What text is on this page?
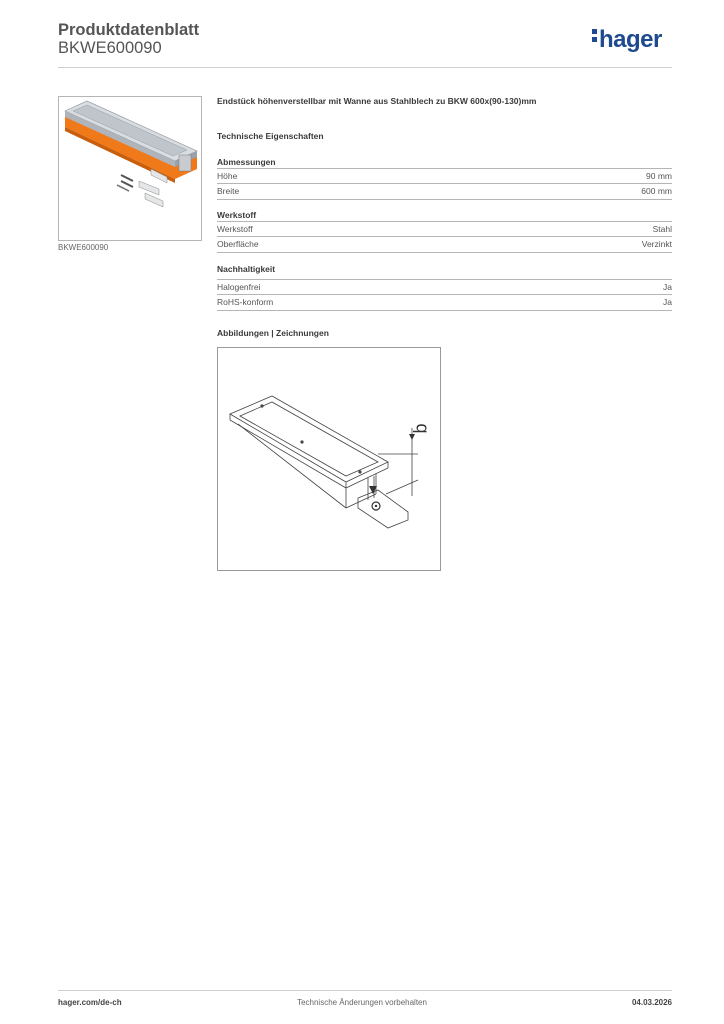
Produktdatenblatt
BKWE600090	hager
BKWE600090
Endstück höhenverstellbar mit Wanne aus Stahlblech zu BKW 600x(90-130)mm
Technische Eigenschaften
Abmessungen
Höhe	90 mm
Breite	600 mm
Werkstoff
Werkstoff	Stahl
Oberfläche	Verzinkt
Nachhaltigkeit
Halogenfrei	Ja
RoHS-konform	Ja
Abbildungen | Zeichnungen
b
hager.com/de-ch	Technische Änderungen vorbehalten	04.03.2026
